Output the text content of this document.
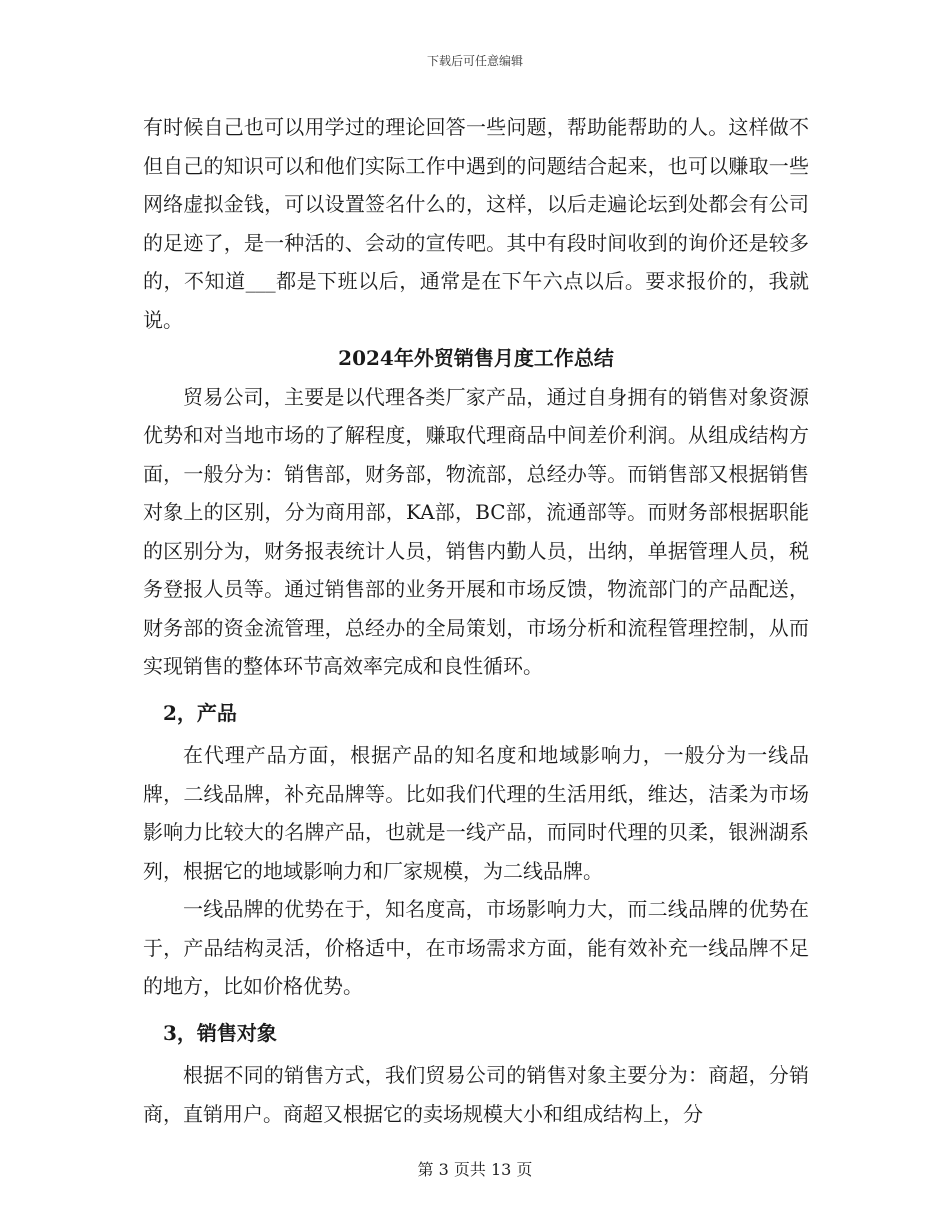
下载后可任意编辑

有时候自己也可以用学过的理论回答一些问题，帮助能帮助的人。这样做不但自己的知识可以和他们实际工作中遇到的问题结合起来，也可以赚取一些网络虚拟金钱，可以设置签名什么的，这样，以后走遍论坛到处都会有公司的足迹了，是一种活的、会动的宣传吧。其中有段时间收到的询价还是较多的，不知道___都是下班以后，通常是在下午六点以后。要求报价的，我就说。

2024年外贸销售月度工作总结

贸易公司，主要是以代理各类厂家产品，通过自身拥有的销售对象资源优势和对当地市场的了解程度，赚取代理商品中间差价利润。从组成结构方面，一般分为：销售部，财务部，物流部，总经办等。而销售部又根据销售对象上的区别，分为商用部，KA部，BC部，流通部等。而财务部根据职能的区别分为，财务报表统计人员，销售内勤人员，出纳，单据管理人员，税务登报人员等。通过销售部的业务开展和市场反馈，物流部门的产品配送，财务部的资金流管理，总经办的全局策划，市场分析和流程管理控制，从而实现销售的整体环节高效率完成和良性循环。

2，产品

在代理产品方面，根据产品的知名度和地域影响力，一般分为一线品牌，二线品牌，补充品牌等。比如我们代理的生活用纸，维达，洁柔为市场影响力比较大的名牌产品，也就是一线产品，而同时代理的贝柔，银洲湖系列，根据它的地域影响力和厂家规模，为二线品牌。

一线品牌的优势在于，知名度高，市场影响力大，而二线品牌的优势在于，产品结构灵活，价格适中，在市场需求方面，能有效补充一线品牌不足的地方，比如价格优势。

3，销售对象

根据不同的销售方式，我们贸易公司的销售对象主要分为：商超，分销商，直销用户。商超又根据它的卖场规模大小和组成结构上，分

第 3 页共 13 页
